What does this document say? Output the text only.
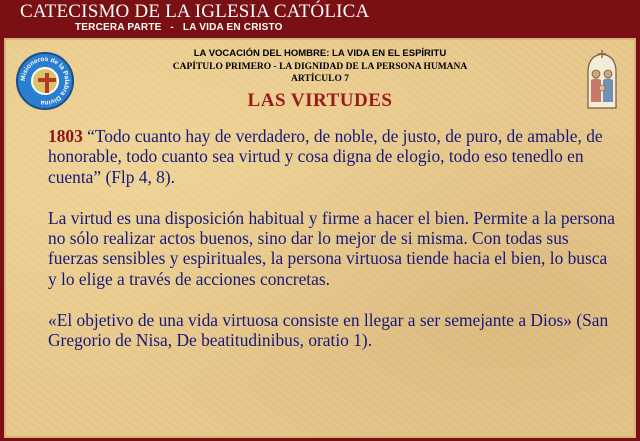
CATECISMO DE LA IGLESIA CATÓLICA
TERCERA PARTE   -   LA VIDA EN CRISTO
Misioneros de la Palabra Divina
LA VOCACIÓN DEL HOMBRE: LA VIDA EN EL ESPÍRITU
CAPÍTULO PRIMERO - LA DIGNIDAD DE LA PERSONA HUMANA
ARTÍCULO 7
LAS VIRTUDES

1803 “Todo cuanto hay de verdadero, de noble, de justo, de puro, de amable, de honorable, todo cuanto sea virtud y cosa digna de elogio, todo eso tenedlo en cuenta” (Flp 4, 8).

La virtud es una disposición habitual y firme a hacer el bien. Permite a la persona no sólo realizar actos buenos, sino dar lo mejor de si misma. Con todas sus fuerzas sensibles y espirituales, la persona virtuosa tiende hacia el bien, lo busca y lo elige a través de acciones concretas.

«El objetivo de una vida virtuosa consiste en llegar a ser semejante a Dios» (San Gregorio de Nisa, De beatitudinibus, oratio 1).
